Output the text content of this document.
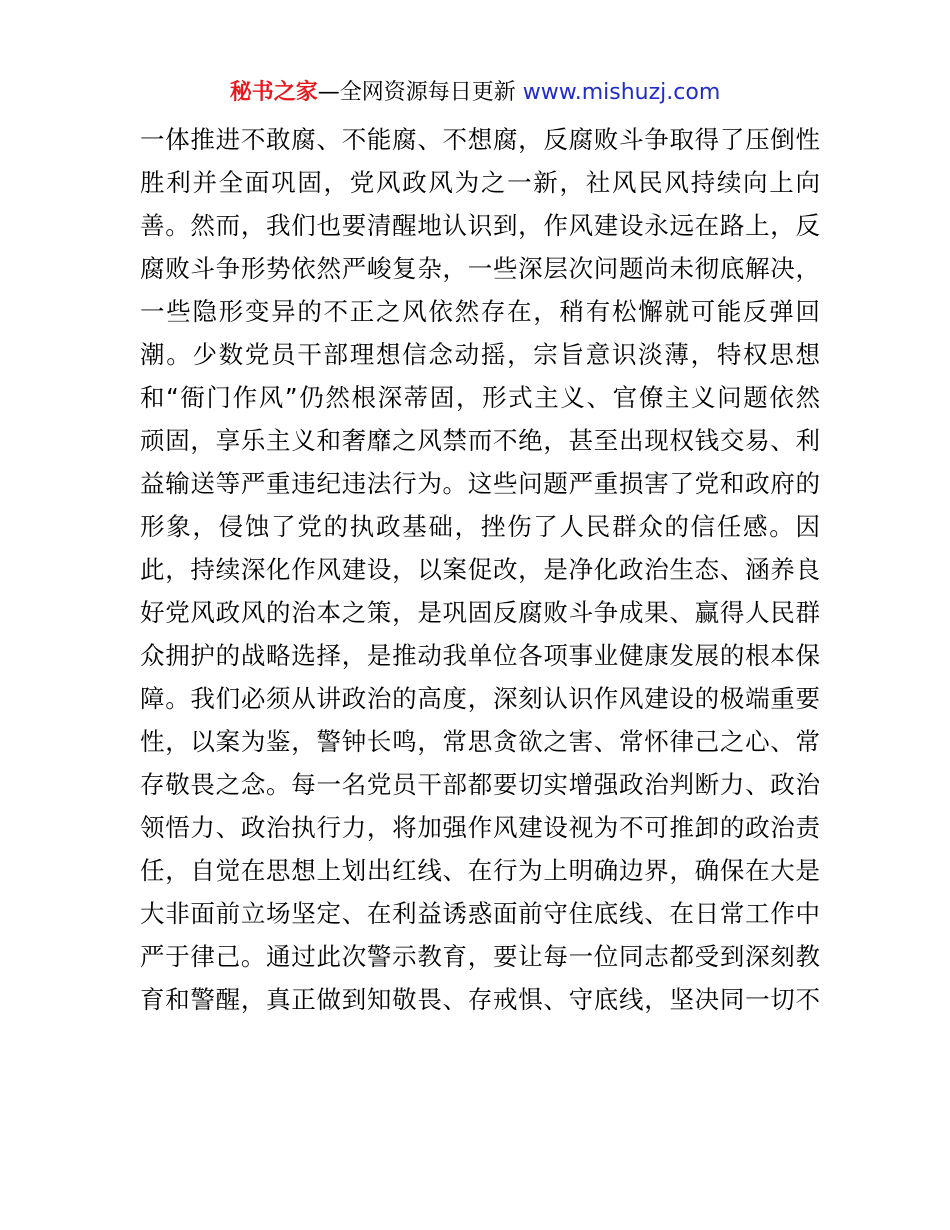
秘书之家—全网资源每日更新 www.mishuzj.com
一体推进不敢腐、不能腐、不想腐，反腐败斗争取得了压倒性
胜利并全面巩固，党风政风为之一新，社风民风持续向上向
善。然而，我们也要清醒地认识到，作风建设永远在路上，反
腐败斗争形势依然严峻复杂，一些深层次问题尚未彻底解决，
一些隐形变异的不正之风依然存在，稍有松懈就可能反弹回
潮。少数党员干部理想信念动摇，宗旨意识淡薄，特权思想
和“衙门作风”仍然根深蒂固，形式主义、官僚主义问题依然
顽固，享乐主义和奢靡之风禁而不绝，甚至出现权钱交易、利
益输送等严重违纪违法行为。这些问题严重损害了党和政府的
形象，侵蚀了党的执政基础，挫伤了人民群众的信任感。因
此，持续深化作风建设，以案促改，是净化政治生态、涵养良
好党风政风的治本之策，是巩固反腐败斗争成果、赢得人民群
众拥护的战略选择，是推动我单位各项事业健康发展的根本保
障。我们必须从讲政治的高度，深刻认识作风建设的极端重要
性，以案为鉴，警钟长鸣，常思贪欲之害、常怀律己之心、常
存敬畏之念。每一名党员干部都要切实增强政治判断力、政治
领悟力、政治执行力，将加强作风建设视为不可推卸的政治责
任，自觉在思想上划出红线、在行为上明确边界，确保在大是
大非面前立场坚定、在利益诱惑面前守住底线、在日常工作中
严于律己。通过此次警示教育，要让每一位同志都受到深刻教
育和警醒，真正做到知敬畏、存戒惧、守底线，坚决同一切不
